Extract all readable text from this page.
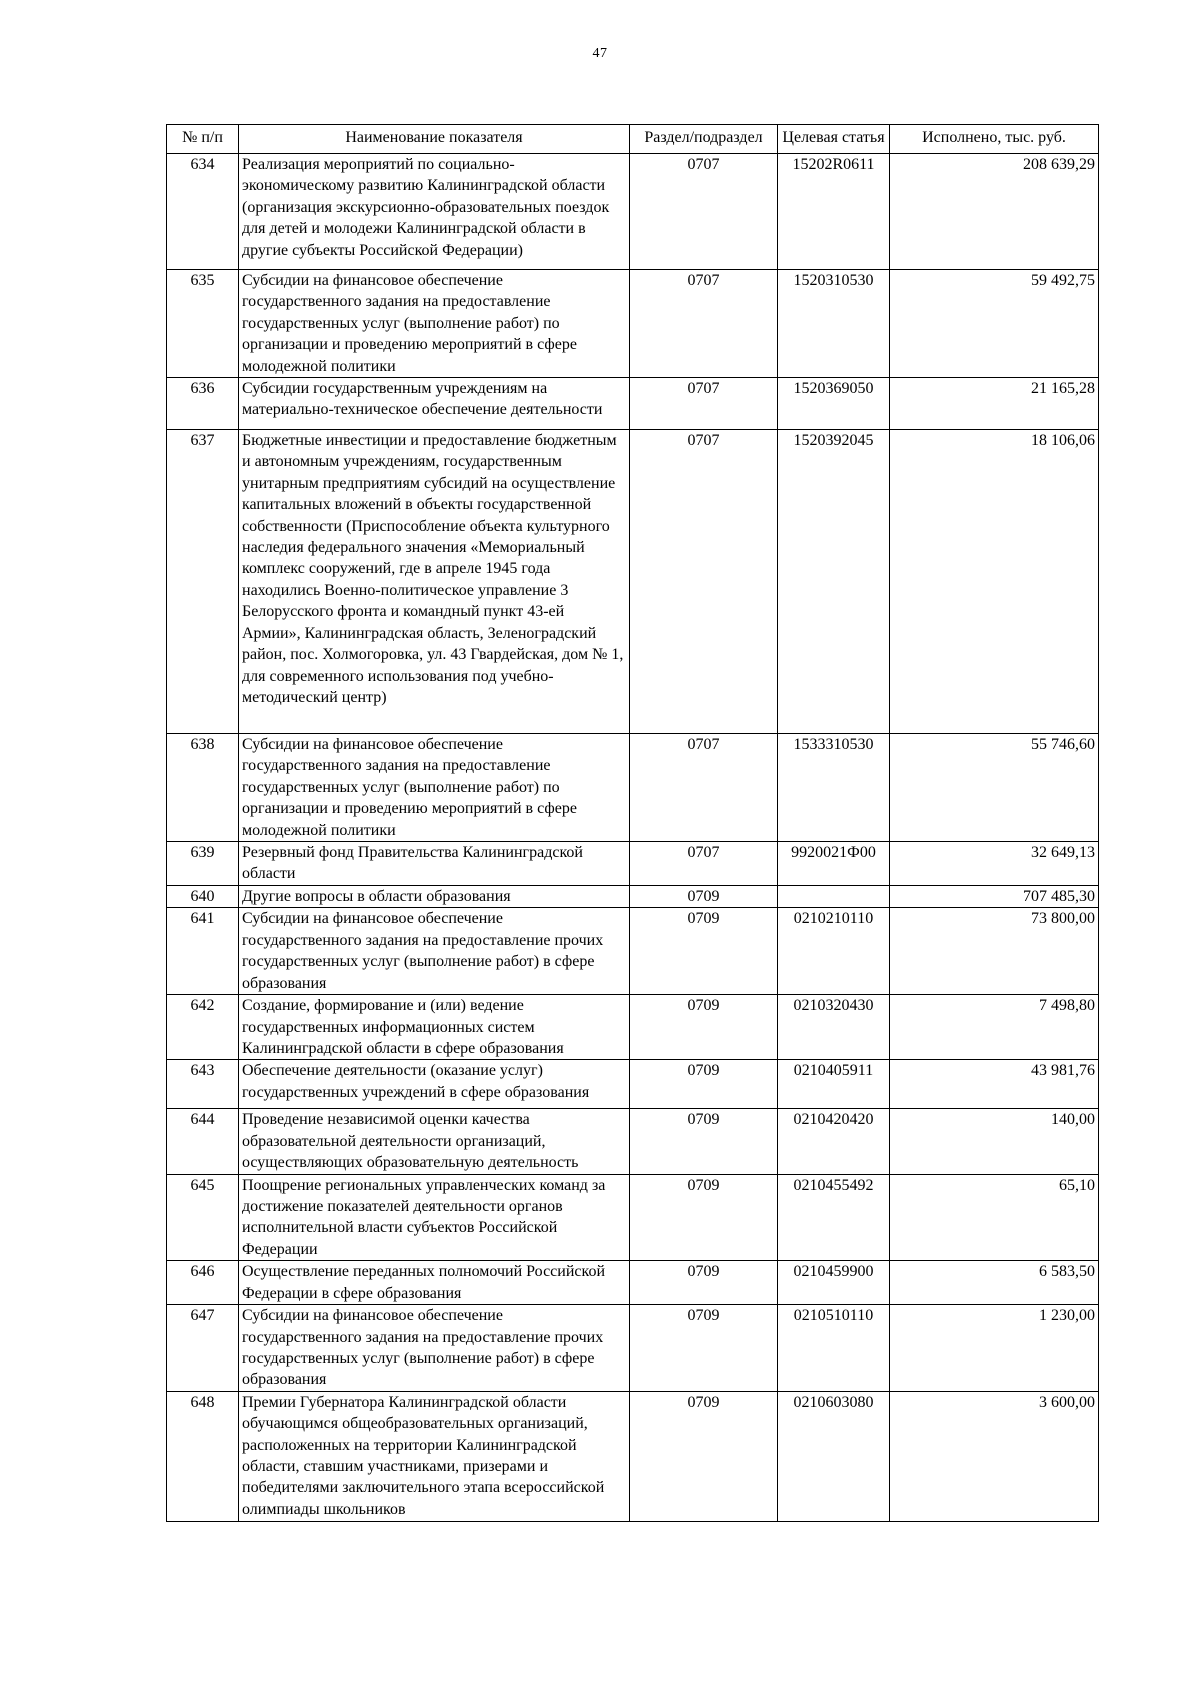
47
№ п/п	Наименование показателя	Раздел/подраздел	Целевая статья	Исполнено, тыс. руб.
634	Реализация мероприятий по социально-экономическому развитию Калининградской области (организация экскурсионно-образовательных поездок для детей и молодежи Калининградской области в другие субъекты Российской Федерации)	0707	15202R0611	208 639,29
635	Субсидии на финансовое обеспечение государственного задания на предоставление государственных услуг (выполнение работ) по организации и проведению мероприятий в сфере молодежной политики	0707	1520310530	59 492,75
636	Субсидии государственным учреждениям на материально-техническое обеспечение деятельности	0707	1520369050	21 165,28
637	Бюджетные инвестиции и предоставление бюджетным и автономным учреждениям, государственным унитарным предприятиям субсидий на осуществление капитальных вложений в объекты государственной собственности (Приспособление объекта культурного наследия федерального значения «Мемориальный комплекс сооружений, где в апреле 1945 года находились Военно-политическое управление 3 Белорусского фронта и командный пункт 43-ей Армии», Калининградская область, Зеленоградский район, пос. Холмогоровка, ул. 43 Гвардейская, дом № 1, для современного использования под учебно-методический центр)	0707	1520392045	18 106,06
638	Субсидии на финансовое обеспечение государственного задания на предоставление государственных услуг (выполнение работ) по организации и проведению мероприятий в сфере молодежной политики	0707	1533310530	55 746,60
639	Резервный фонд Правительства Калининградской области	0707	9920021Ф00	32 649,13
640	Другие вопросы в области образования	0709		707 485,30
641	Субсидии на финансовое обеспечение государственного задания на предоставление прочих государственных услуг (выполнение работ) в сфере образования	0709	0210210110	73 800,00
642	Создание, формирование и (или) ведение государственных информационных систем Калининградской области в сфере образования	0709	0210320430	7 498,80
643	Обеспечение деятельности (оказание услуг) государственных учреждений в сфере образования	0709	0210405911	43 981,76
644	Проведение независимой оценки качества образовательной деятельности организаций, осуществляющих образовательную деятельность	0709	0210420420	140,00
645	Поощрение региональных управленческих команд за достижение показателей деятельности органов исполнительной власти субъектов Российской Федерации	0709	0210455492	65,10
646	Осуществление переданных полномочий Российской Федерации в сфере образования	0709	0210459900	6 583,50
647	Субсидии на финансовое обеспечение государственного задания на предоставление прочих государственных услуг (выполнение работ) в сфере образования	0709	0210510110	1 230,00
648	Премии Губернатора Калининградской области обучающимся общеобразовательных организаций, расположенных на территории Калининградской области, ставшим участниками, призерами и победителями заключительного этапа всероссийской олимпиады школьников	0709	0210603080	3 600,00
